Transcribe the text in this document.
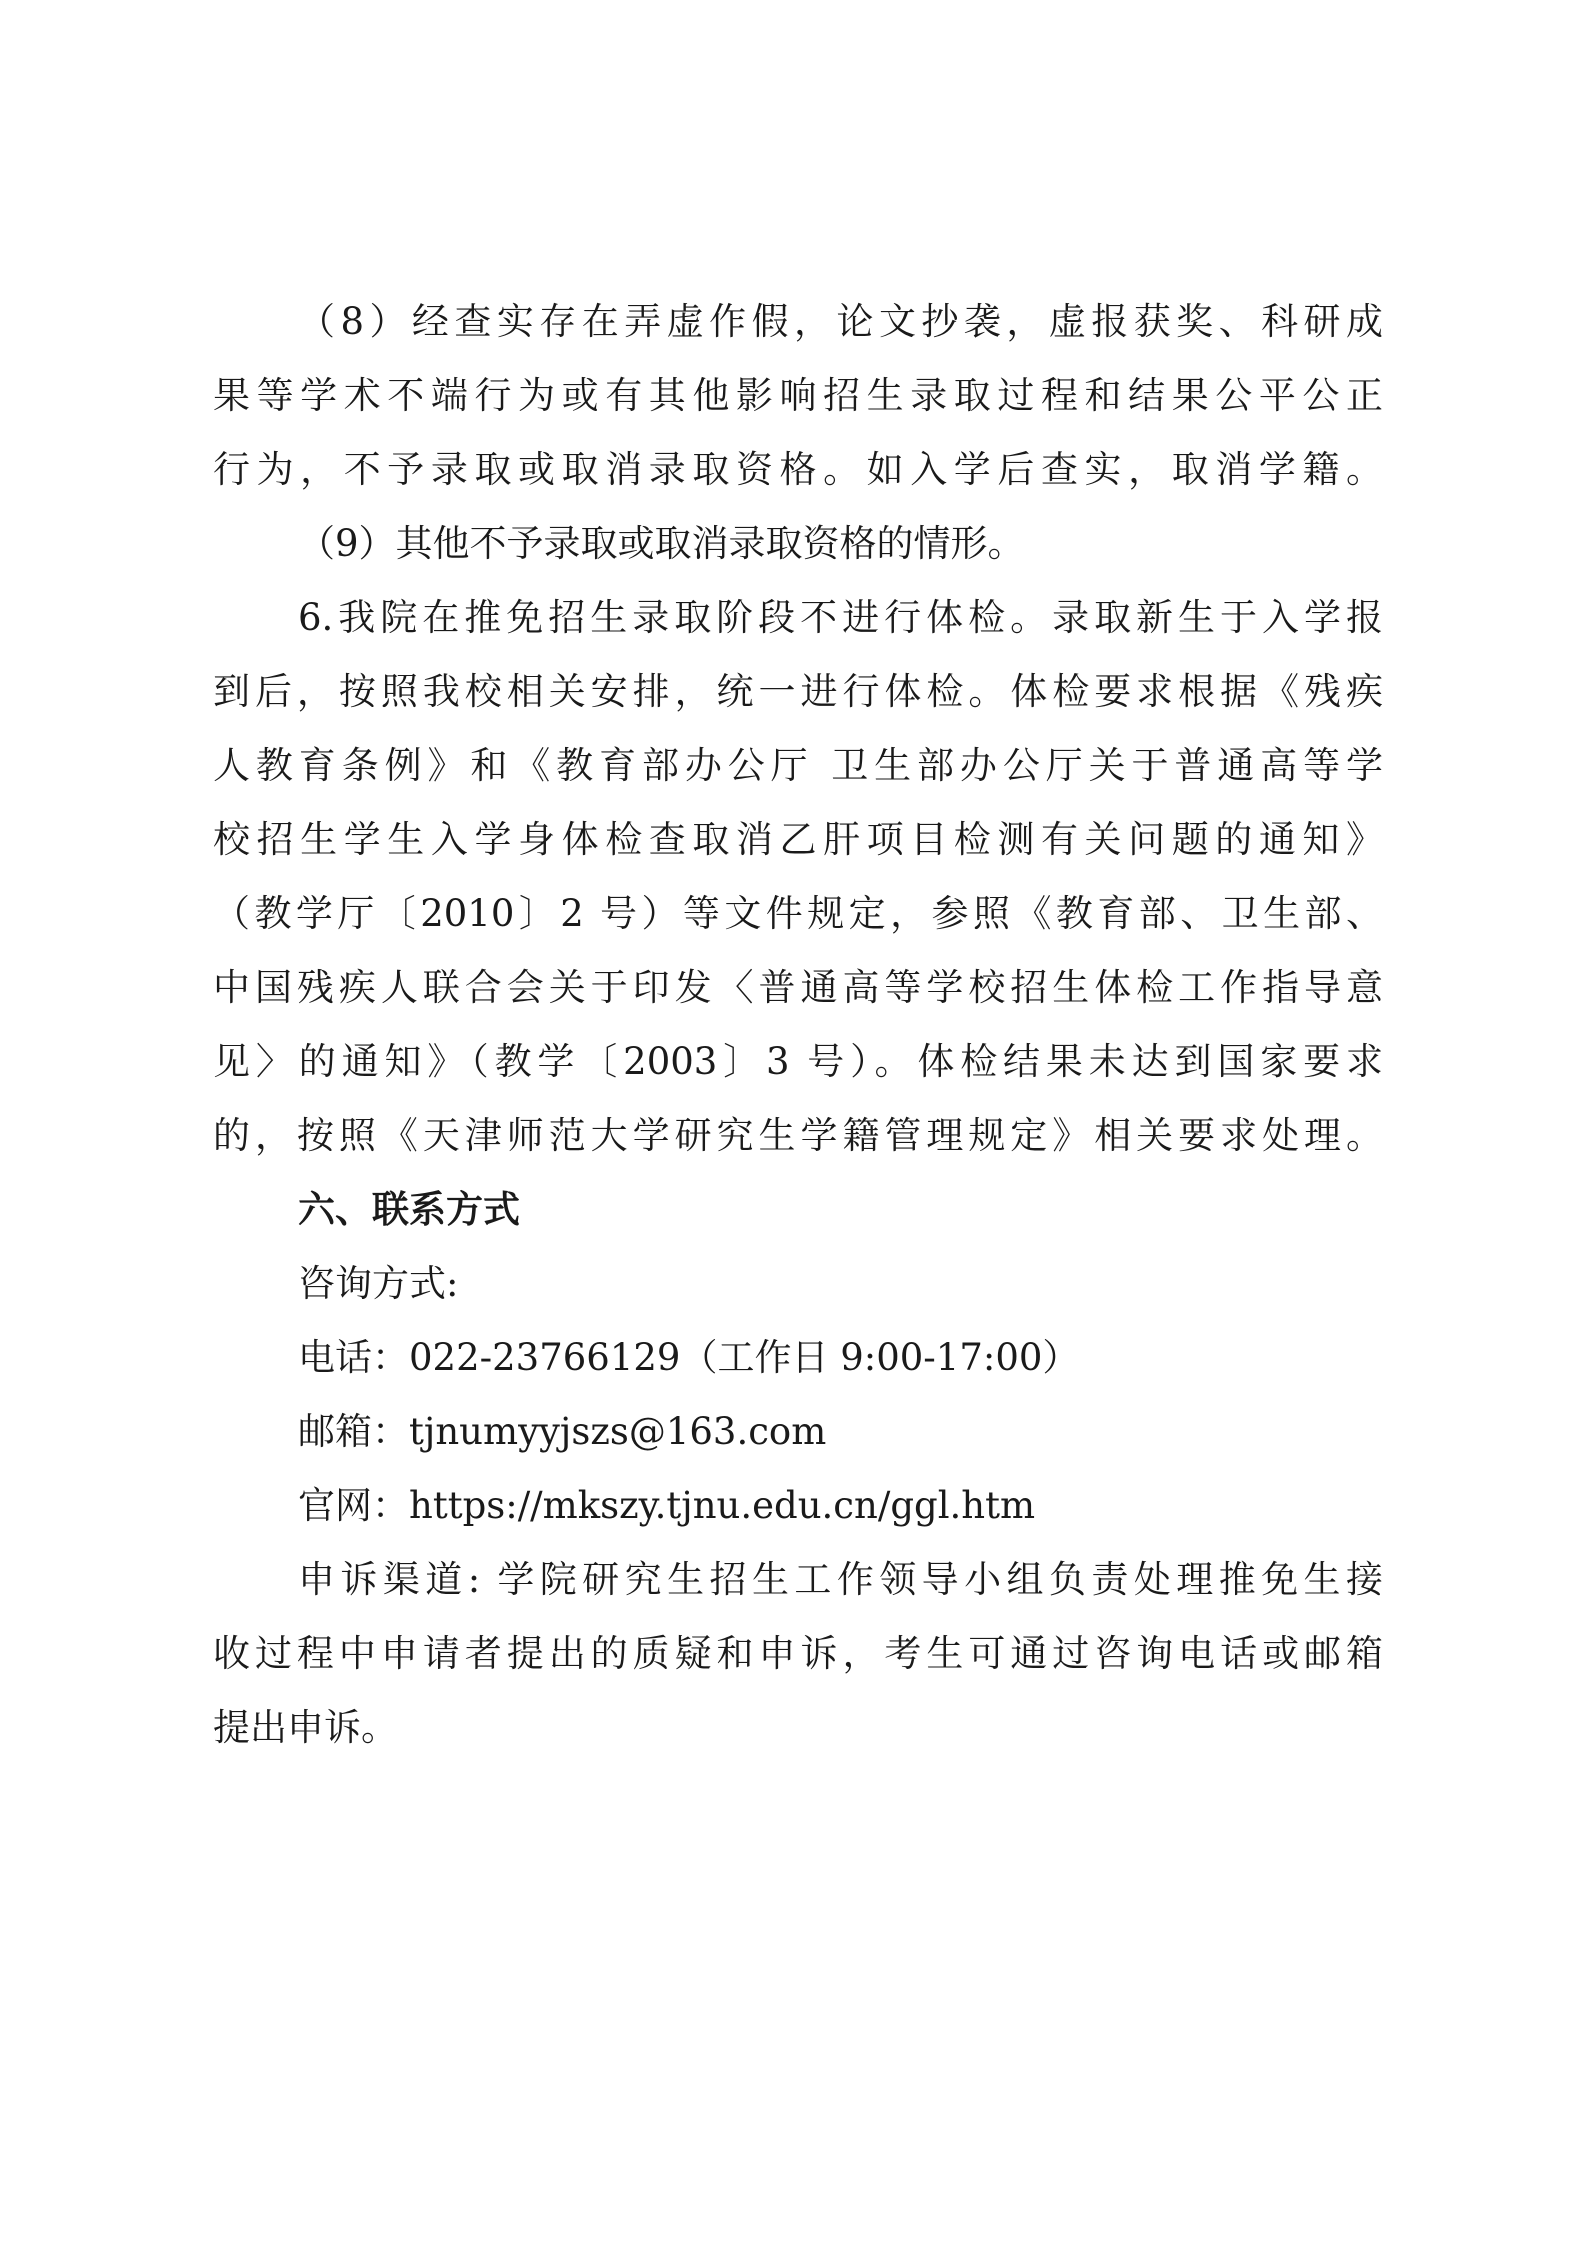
（8）经查实存在弄虚作假，论文抄袭，虚报获奖、科研成
果等学术不端行为或有其他影响招生录取过程和结果公平公正
行为，不予录取或取消录取资格。如入学后查实，取消学籍。
（9）其他不予录取或取消录取资格的情形。
6.我院在推免招生录取阶段不进行体检。录取新生于入学报
到后，按照我校相关安排，统一进行体检。体检要求根据《残疾
人教育条例》和《教育部办公厅 卫生部办公厅关于普通高等学
校招生学生入学身体检查取消乙肝项目检测有关问题的通知》
（教学厅〔2010〕2 号）等文件规定，参照《教育部、卫生部、
中国残疾人联合会关于印发〈普通高等学校招生体检工作指导意
见〉的通知》（教学〔2003〕3 号）。体检结果未达到国家要求
的，按照《天津师范大学研究生学籍管理规定》相关要求处理。
六、联系方式
咨询方式:
电话：022-23766129（工作日 9:00-17:00）
邮箱：tjnumyyjszs@163.com
官网：https://mkszy.tjnu.edu.cn/ggl.htm
申诉渠道: 学院研究生招生工作领导小组负责处理推免生接
收过程中申请者提出的质疑和申诉，考生可通过咨询电话或邮箱
提出申诉。
